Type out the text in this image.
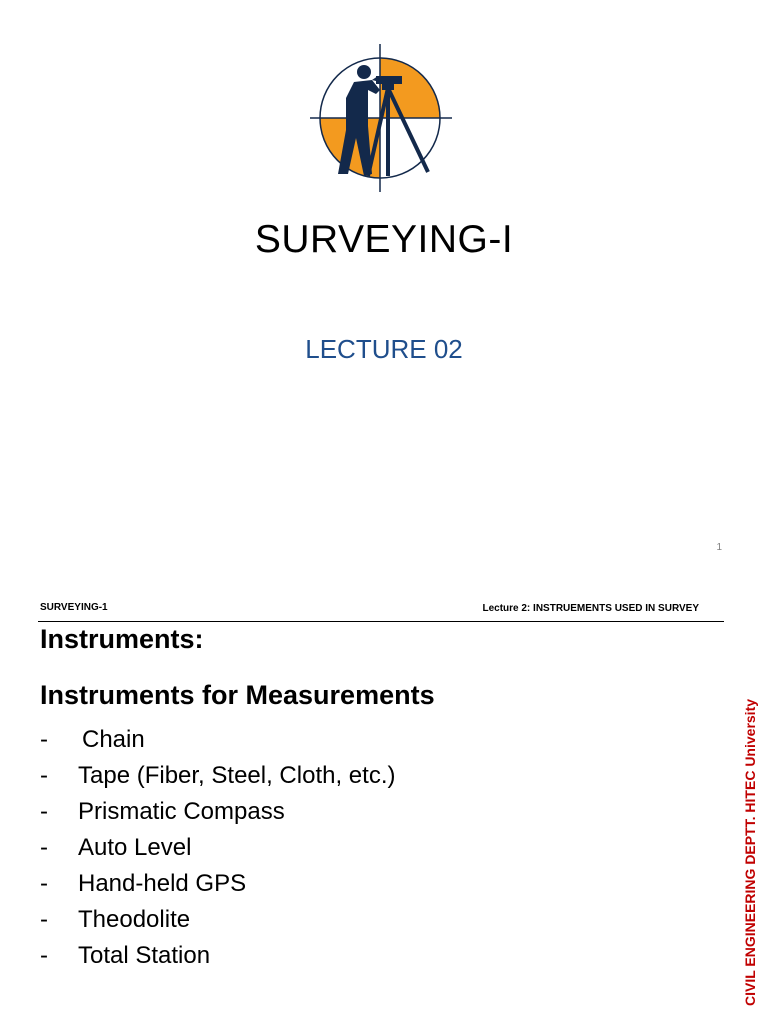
SURVEYING-I
LECTURE 02
1
SURVEYING-1	Lecture 2: INSTRUEMENTS USED IN SURVEY
Instruments:
Instruments for Measurements
-	Chain
-	Tape (Fiber, Steel, Cloth, etc.)
-	Prismatic Compass
-	Auto Level
-	Hand-held GPS
-	Theodolite
-	Total Station	CIVIL ENGINEERING DEPTT. HITEC University
